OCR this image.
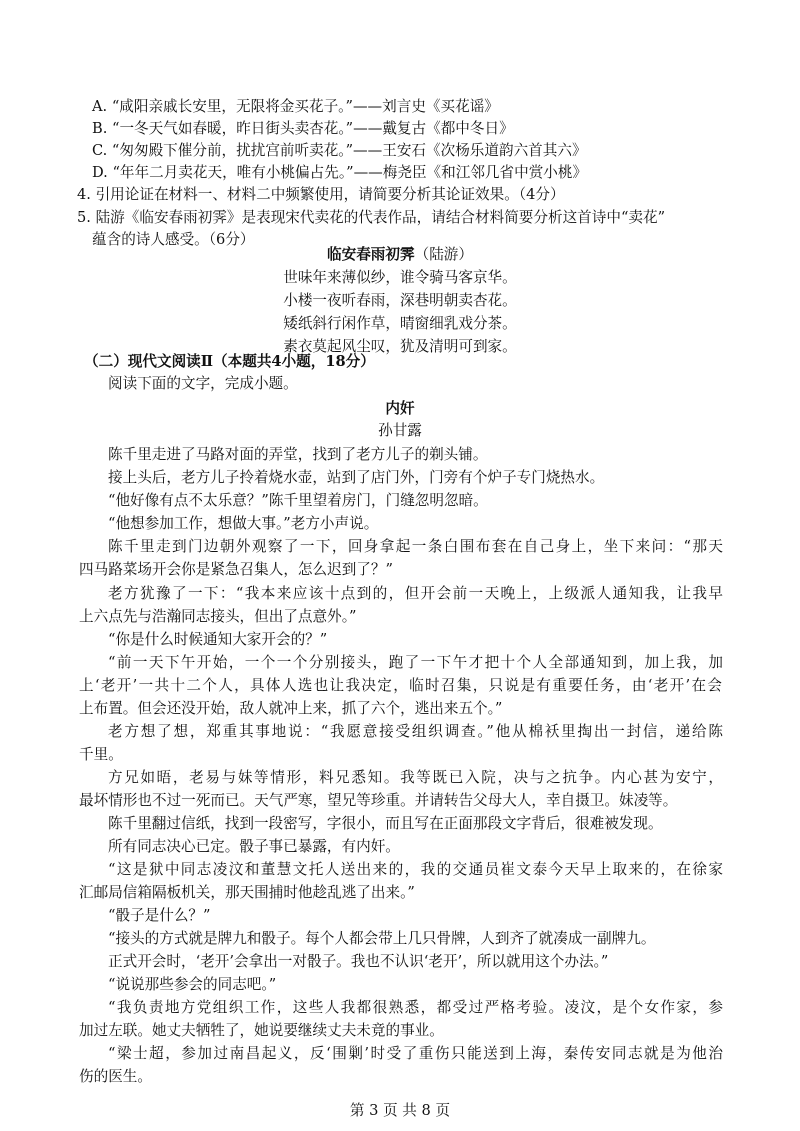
A. “咸阳亲戚长安里，无限将金买花子。”——刘言史《买花谣》
B. “一冬天气如春暖，昨日街头卖杏花。”——戴复古《都中冬日》
C. “匆匆殿下催分前，扰扰宫前听卖花。”——王安石《次杨乐道韵六首其六》
D. “年年二月卖花天，唯有小桃偏占先。”——梅尧臣《和江邻几省中赏小桃》
4. 引用论证在材料一、材料二中频繁使用，请简要分析其论证效果。（4分）
5. 陆游《临安春雨初霁》是表现宋代卖花的代表作品，请结合材料简要分析这首诗中“卖花”
蕴含的诗人感受。（6分）
临安春雨初霁（陆游）
世味年来薄似纱，谁令骑马客京华。
小楼一夜听春雨，深巷明朝卖杏花。
矮纸斜行闲作草，晴窗细乳戏分茶。
素衣莫起风尘叹，犹及清明可到家。
（二）现代文阅读Ⅱ（本题共4小题，18分）
阅读下面的文字，完成小题。
内奸
孙甘露
陈千里走进了马路对面的弄堂，找到了老方儿子的剃头铺。
接上头后，老方儿子拎着烧水壶，站到了店门外，门旁有个炉子专门烧热水。
“他好像有点不太乐意？”陈千里望着房门，门缝忽明忽暗。
“他想参加工作，想做大事。”老方小声说。
陈千里走到门边朝外观察了一下，回身拿起一条白围布套在自己身上，坐下来问：“那天
四马路菜场开会你是紧急召集人，怎么迟到了？”
老方犹豫了一下：“我本来应该十点到的，但开会前一天晚上，上级派人通知我，让我早
上六点先与浩瀚同志接头，但出了点意外。”
“你是什么时候通知大家开会的？”
“前一天下午开始，一个一个分别接头，跑了一下午才把十个人全部通知到，加上我，加
上‘老开’一共十二个人，具体人选也让我决定，临时召集，只说是有重要任务，由‘老开’在会
上布置。但会还没开始，敌人就冲上来，抓了六个，逃出来五个。”
老方想了想，郑重其事地说：“我愿意接受组织调查。”他从棉袄里掏出一封信，递给陈
千里。
方兄如晤，老易与妹等情形，料兄悉知。我等既已入院，决与之抗争。内心甚为安宁，
最坏情形也不过一死而已。天气严寒，望兄等珍重。并请转告父母大人，幸自摄卫。妹凌等。
陈千里翻过信纸，找到一段密写，字很小，而且写在正面那段文字背后，很难被发现。
所有同志决心已定。骰子事已暴露，有内奸。
“这是狱中同志凌汶和董慧文托人送出来的，我的交通员崔文泰今天早上取来的，在徐家
汇邮局信箱隔板机关，那天围捕时他趁乱逃了出来。”
“骰子是什么？”
“接头的方式就是牌九和骰子。每个人都会带上几只骨牌，人到齐了就凑成一副牌九。
正式开会时，‘老开’会拿出一对骰子。我也不认识‘老开’，所以就用这个办法。”
“说说那些参会的同志吧。”
“我负责地方党组织工作，这些人我都很熟悉，都受过严格考验。凌汶，是个女作家，参
加过左联。她丈夫牺牲了，她说要继续丈夫未竟的事业。
“梁士超，参加过南昌起义，反‘围剿’时受了重伤只能送到上海，秦传安同志就是为他治
伤的医生。
第 3 页 共 8 页
